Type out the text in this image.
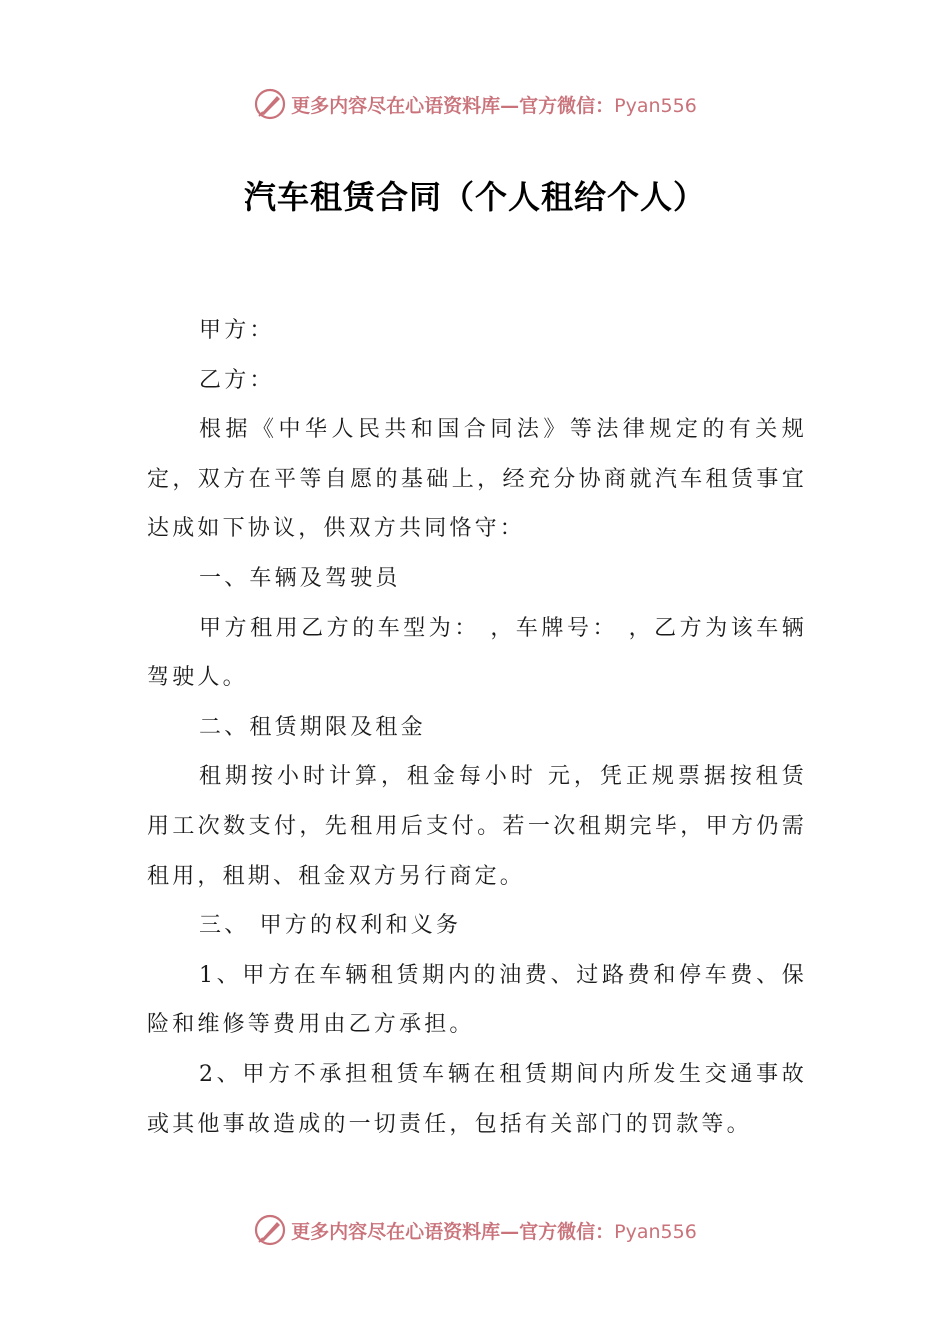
更多内容尽在心语资料库—官方微信：Pyan556
汽车租赁合同（个人租给个人）

甲方：

乙方：

根据《中华人民共和国合同法》等法律规定的有关规定，双方在平等自愿的基础上，经充分协商就汽车租赁事宜达成如下协议，供双方共同恪守：

一、车辆及驾驶员

甲方租用乙方的车型为： ，车牌号： ，乙方为该车辆驾驶人。

二、租赁期限及租金

租期按小时计算，租金每小时 元，凭正规票据按租赁用工次数支付，先租用后支付。若一次租期完毕，甲方仍需租用，租期、租金双方另行商定。

三、 甲方的权利和义务

1、甲方在车辆租赁期内的油费、过路费和停车费、保险和维修等费用由乙方承担。

2、甲方不承担租赁车辆在租赁期间内所发生交通事故或其他事故造成的一切责任，包括有关部门的罚款等。

更多内容尽在心语资料库—官方微信：Pyan556
